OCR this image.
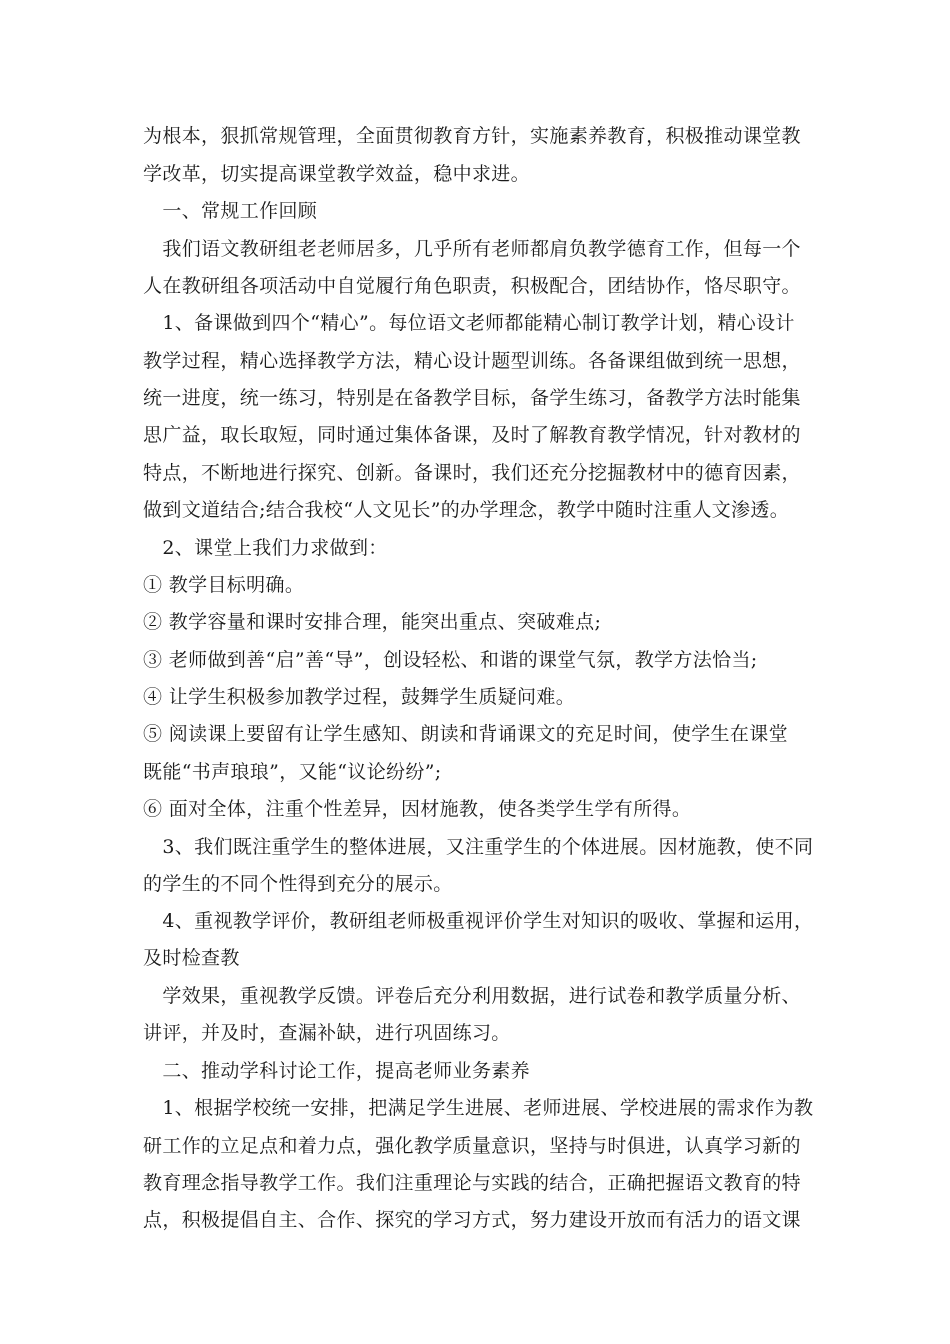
为根本，狠抓常规管理，全面贯彻教育方针，实施素养教育，积极推动课堂教
学改革，切实提高课堂教学效益，稳中求进。
　一、常规工作回顾
　我们语文教研组老老师居多，几乎所有老师都肩负教学德育工作，但每一个
人在教研组各项活动中自觉履行角色职责，积极配合，团结协作，恪尽职守。
　1、备课做到四个“精心”。每位语文老师都能精心制订教学计划，精心设计
教学过程，精心选择教学方法，精心设计题型训练。各备课组做到统一思想，
统一进度，统一练习，特别是在备教学目标，备学生练习，备教学方法时能集
思广益，取长取短，同时通过集体备课，及时了解教育教学情况，针对教材的
特点，不断地进行探究、创新。备课时，我们还充分挖掘教材中的德育因素，
做到文道结合;结合我校“人文见长”的办学理念，教学中随时注重人文渗透。
　2、课堂上我们力求做到：
① 教学目标明确。
② 教学容量和课时安排合理，能突出重点、突破难点;
③ 老师做到善“启”善“导”，创设轻松、和谐的课堂气氛，教学方法恰当;
④ 让学生积极参加教学过程，鼓舞学生质疑问难。
⑤ 阅读课上要留有让学生感知、朗读和背诵课文的充足时间，使学生在课堂
既能“书声琅琅”，又能“议论纷纷”;
⑥ 面对全体，注重个性差异，因材施教，使各类学生学有所得。
　3、我们既注重学生的整体进展，又注重学生的个体进展。因材施教，使不同
的学生的不同个性得到充分的展示。
　4、重视教学评价，教研组老师极重视评价学生对知识的吸收、掌握和运用，
及时检查教
　学效果，重视教学反馈。评卷后充分利用数据，进行试卷和教学质量分析、
讲评，并及时，查漏补缺，进行巩固练习。
　二、推动学科讨论工作，提高老师业务素养
　1、根据学校统一安排，把满足学生进展、老师进展、学校进展的需求作为教
研工作的立足点和着力点，强化教学质量意识，坚持与时俱进，认真学习新的
教育理念指导教学工作。我们注重理论与实践的结合，正确把握语文教育的特
点，积极提倡自主、合作、探究的学习方式，努力建设开放而有活力的语文课
